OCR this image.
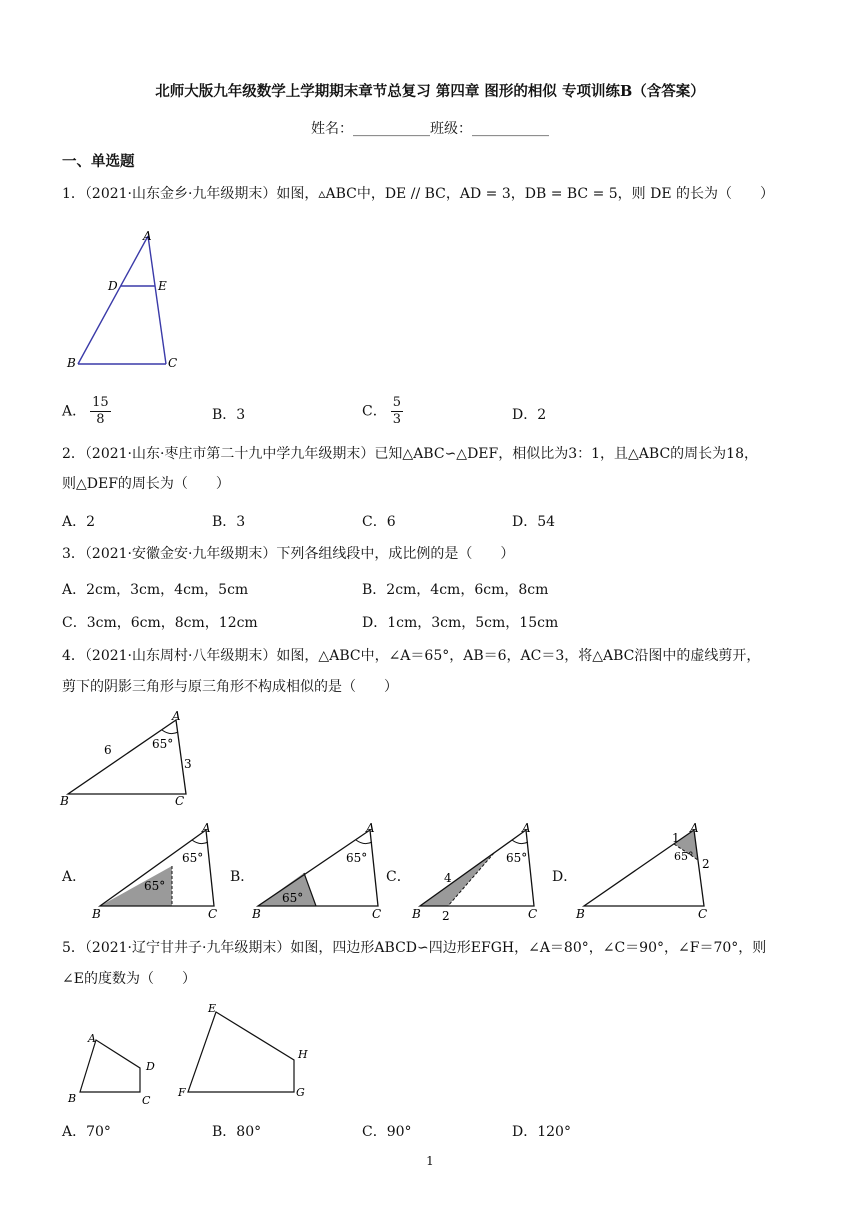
北师大版九年级数学上学期期末章节总复习 第四章 图形的相似 专项训练B（含答案）
姓名：___________班级：___________
一、单选题
1．（2021·山东金乡·九年级期末）如图，▵ABC中，DE // BC，AD = 3，DB = BC = 5，则 DE 的长为（　　）
A
D	E
B	C
A． $\frac{15}{8}$	B．3	C． $\frac{5}{3}$	D．2
2．（2021·山东·枣庄市第二十九中学九年级期末）已知△ABC∽△DEF，相似比为3：1，且△ABC的周长为18，
则△DEF的周长为（　　）
A．2	B．3	C．6	D．54
3．（2021·安徽金安·九年级期末）下列各组线段中，成比例的是（　　）
A．2cm，3cm，4cm，5cm	B．2cm，4cm，6cm，8cm
C．3cm，6cm，8cm，12cm	D．1cm，3cm，5cm，15cm
4．（2021·山东周村·八年级期末）如图，△ABC中，∠A＝65°，AB＝6，AC＝3，将△ABC沿图中的虚线剪开，
剪下的阴影三角形与原三角形不构成相似的是（　　）
A
B	C
6
3
65°
A．
A
B	C
65°
65°
B．
A
B	C
65°
65°
C．
A
B	C
65°
4
2
D．
A
B	C
65°
1
2
5．（2021·辽宁甘井子·九年级期末）如图，四边形ABCD∽四边形EFGH，∠A＝80°，∠C＝90°，∠F＝70°，则
∠E的度数为（　　）
A
B	C
D
E
F	G
H
A．70°	B．80°	C．90°	D．120°
1
